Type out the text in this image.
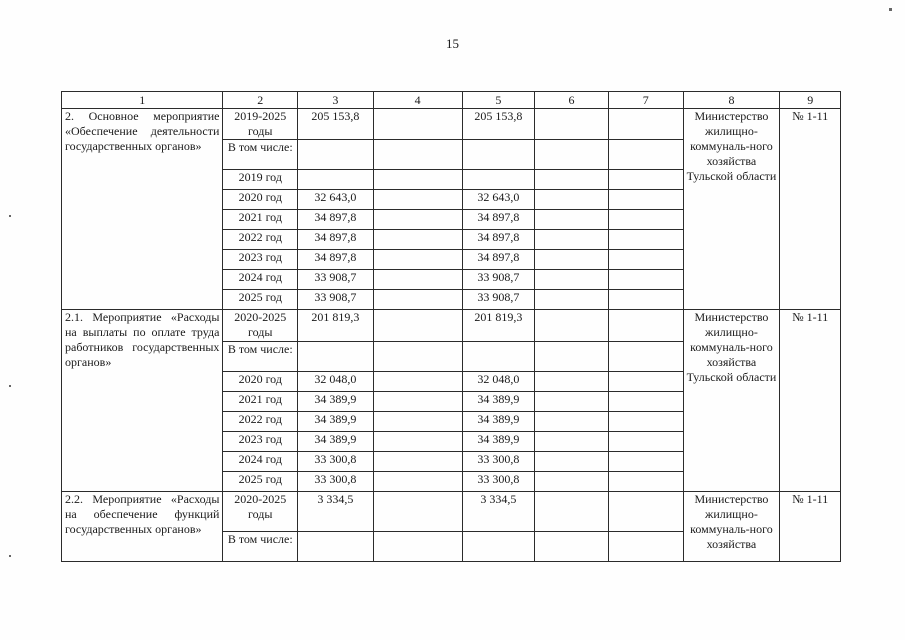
15
1	2	3	4	5	6	7	8	9
2. Основное мероприятие «Обеспечение деятельности государственных органов»	2019-2025 годы	205 153,8		205 153,8			Министерство жилищно-коммуналь-ного хозяйства Тульской области	№ 1-11
	В том числе:							
	2019 год							
	2020 год	32 643,0		32 643,0				
	2021 год	34 897,8		34 897,8				
	2022 год	34 897,8		34 897,8				
	2023 год	34 897,8		34 897,8				
	2024 год	33 908,7		33 908,7				
	2025 год	33 908,7		33 908,7				
2.1. Мероприятие «Расходы на выплаты по оплате труда работников государственных органов»	2020-2025 годы	201 819,3		201 819,3			Министерство жилищно-коммуналь-ного хозяйства Тульской области	№ 1-11
	В том числе:							
	2020 год	32 048,0		32 048,0				
	2021 год	34 389,9		34 389,9				
	2022 год	34 389,9		34 389,9				
	2023 год	34 389,9		34 389,9				
	2024 год	33 300,8		33 300,8				
	2025 год	33 300,8		33 300,8				
2.2. Мероприятие «Расходы на обеспечение функций государственных органов»	2020-2025 годы	3 334,5		3 334,5			Министерство жилищно-коммуналь-ного хозяйства	№ 1-11
	В том числе:							
